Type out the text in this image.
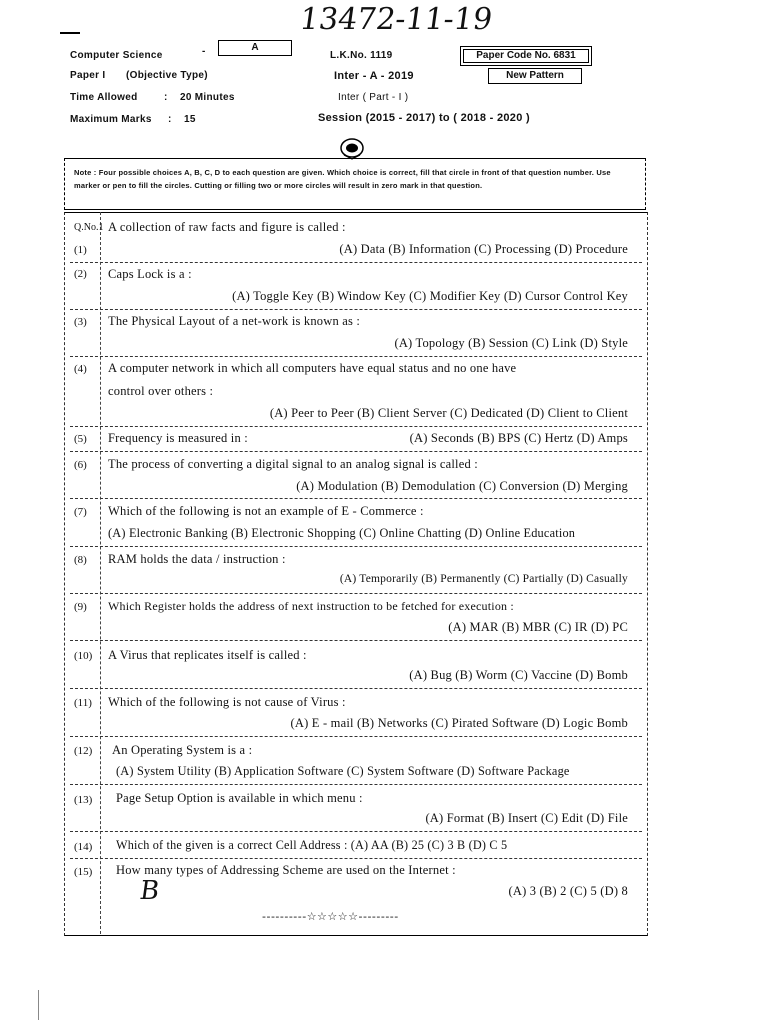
13472-11-19
Computer Science	-	A
L.K.No. 1119	Paper Code No. 6831
Paper I (Objective Type)	Inter - A - 2019	New Pattern
Time Allowed	: 20 Minutes	Inter ( Part - I )
Maximum Marks : 15	Session (2015 - 2017) to ( 2018 - 2020 )
Note : Four possible choices A, B, C, D to each question are given. Which choice is correct, fill that circle in front of that question number. Use marker or pen to fill the circles. Cutting or filling two or more circles will result in zero mark in that question.
Q.No.1
(1)
A collection of raw facts and figure is called :
(A) Data (B) Information (C) Processing (D) Procedure
(2) Caps Lock is a :
(A) Toggle Key (B) Window Key (C) Modifier Key (D) Cursor Control Key
(3) The Physical Layout of a net-work is known as :
(A) Topology (B) Session (C) Link (D) Style
(4) A computer network in which all computers have equal status and no one have
control over others :
(A) Peer to Peer (B) Client Server (C) Dedicated (D) Client to Client
(5) Frequency is measured in :	(A) Seconds (B) BPS (C) Hertz (D) Amps
(6) The process of converting a digital signal to an analog signal is called :
(A) Modulation (B) Demodulation (C) Conversion (D) Merging
(7) Which of the following is not an example of E - Commerce :
(A) Electronic Banking (B) Electronic Shopping (C) Online Chatting (D) Online Education
(8) RAM holds the data / instruction :
(A) Temporarily (B) Permanently (C) Partially (D) Casually
(9) Which Register holds the address of next instruction to be fetched for execution :
(A) MAR (B) MBR (C) IR (D) PC
(10) A Virus that replicates itself is called :
(A) Bug (B) Worm (C) Vaccine (D) Bomb
(11) Which of the following is not cause of Virus :
(A) E - mail (B) Networks (C) Pirated Software (D) Logic Bomb
(12) An Operating System is a :
(A) System Utility (B) Application Software (C) System Software (D) Software Package
(13) Page Setup Option is available in which menu :
(A) Format (B) Insert (C) Edit (D) File
(14) Which of the given is a correct Cell Address : (A) AA (B) 25 (C) 3 B (D) C 5
(15) How many types of Addressing Scheme are used on the Internet :
(A) 3 (B) 2 (C) 5 (D) 8
B
----------☆☆☆☆☆---------
